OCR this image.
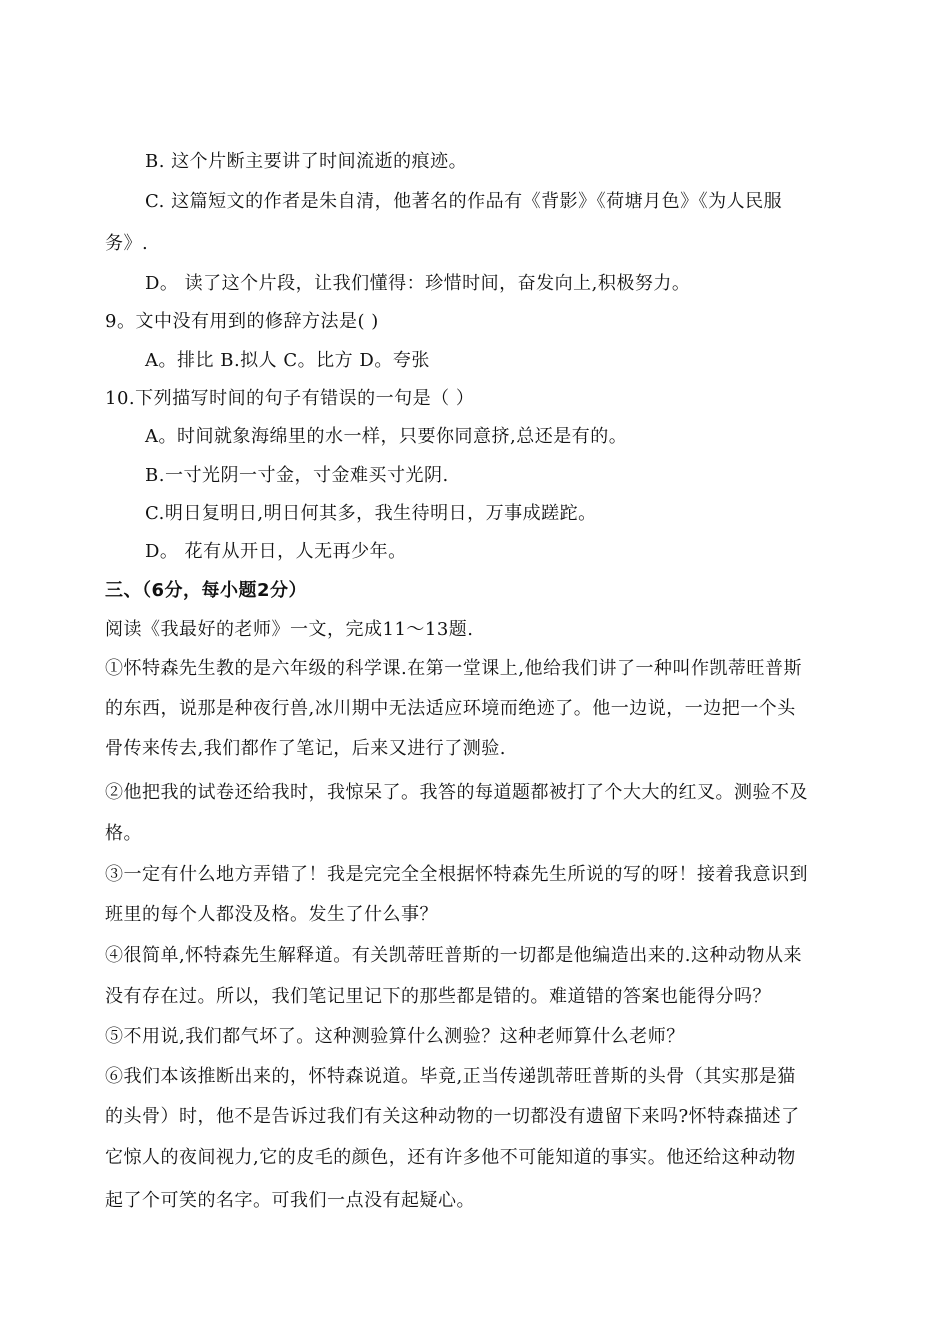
B. 这个片断主要讲了时间流逝的痕迹。
C. 这篇短文的作者是朱自清，他著名的作品有《背影》《荷塘月色》《为人民服
务》.
D。 读了这个片段，让我们懂得：珍惜时间，奋发向上,积极努力。
9。文中没有用到的修辞方法是( )
A。排比 B.拟人 C。比方 D。夸张
10.下列描写时间的句子有错误的一句是（ ）
A。时间就象海绵里的水一样，只要你同意挤,总还是有的。
B.一寸光阴一寸金，寸金难买寸光阴.
C.明日复明日,明日何其多，我生待明日，万事成蹉跎。
D。 花有从开日，人无再少年。
三、（6分，每小题2分）
阅读《我最好的老师》一文，完成11～13题.
①怀特森先生教的是六年级的科学课.在第一堂课上,他给我们讲了一种叫作凯蒂旺普斯
的东西，说那是种夜行兽,冰川期中无法适应环境而绝迹了。他一边说，一边把一个头
骨传来传去,我们都作了笔记，后来又进行了测验.
②他把我的试卷还给我时，我惊呆了。我答的每道题都被打了个大大的红叉。测验不及
格。
③一定有什么地方弄错了！我是完完全全根据怀特森先生所说的写的呀！接着我意识到
班里的每个人都没及格。发生了什么事？
④很简单,怀特森先生解释道。有关凯蒂旺普斯的一切都是他编造出来的.这种动物从来
没有存在过。所以，我们笔记里记下的那些都是错的。难道错的答案也能得分吗？
⑤不用说,我们都气坏了。这种测验算什么测验？这种老师算什么老师？
⑥我们本该推断出来的，怀特森说道。毕竟,正当传递凯蒂旺普斯的头骨（其实那是猫
的头骨）时，他不是告诉过我们有关这种动物的一切都没有遗留下来吗?怀特森描述了
它惊人的夜间视力,它的皮毛的颜色，还有许多他不可能知道的事实。他还给这种动物
起了个可笑的名字。可我们一点没有起疑心。
